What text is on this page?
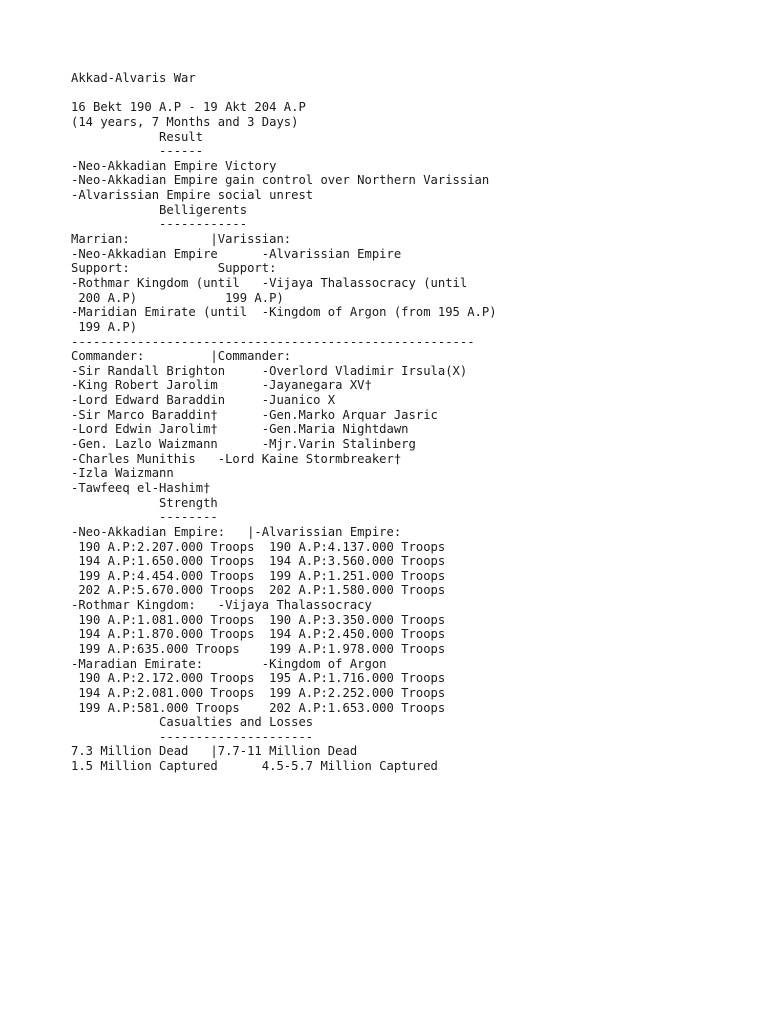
Akkad-Alvaris War
16 Bekt 190 A.P - 19 Akt 204 A.P
(14 years, 7 Months and 3 Days)
Result
------
-Neo-Akkadian Empire Victory
-Neo-Akkadian Empire gain control over Northern Varissian
-Alvarissian Empire social unrest
Belligerents
------------
Marrian:           |Varissian:
-Neo-Akkadian Empire      -Alvarissian Empire
Support:            Support:
-Rothmar Kingdom (until   -Vijaya Thalassocracy (until
200 A.P)            199 A.P)
-Maridian Emirate (until  -Kingdom of Argon (from 195 A.P)
199 A.P)
-------------------------------------------------------
Commander:         |Commander:
-Sir Randall Brighton     -Overlord Vladimir Irsula(X)
-King Robert Jarolim      -Jayanegara XV†
-Lord Edward Baraddin     -Juanico X
-Sir Marco Baraddin†      -Gen.Marko Arquar Jasric
-Lord Edwin Jarolim†      -Gen.Maria Nightdawn
-Gen. Lazlo Waizmann      -Mjr.Varin Stalinberg
-Charles Munithis   -Lord Kaine Stormbreaker†
-Izla Waizmann
-Tawfeeq el-Hashim†
Strength
--------
-Neo-Akkadian Empire:   |-Alvarissian Empire:
190 A.P:2.207.000 Troops  190 A.P:4.137.000 Troops
194 A.P:1.650.000 Troops  194 A.P:3.560.000 Troops
199 A.P:4.454.000 Troops  199 A.P:1.251.000 Troops
202 A.P:5.670.000 Troops  202 A.P:1.580.000 Troops
-Rothmar Kingdom:   -Vijaya Thalassocracy
190 A.P:1.081.000 Troops  190 A.P:3.350.000 Troops
194 A.P:1.870.000 Troops  194 A.P:2.450.000 Troops
199 A.P:635.000 Troops    199 A.P:1.978.000 Troops
-Maradian Emirate:        -Kingdom of Argon
190 A.P:2.172.000 Troops  195 A.P:1.716.000 Troops
194 A.P:2.081.000 Troops  199 A.P:2.252.000 Troops
199 A.P:581.000 Troops    202 A.P:1.653.000 Troops
Casualties and Losses
---------------------
7.3 Million Dead   |7.7-11 Million Dead
1.5 Million Captured      4.5-5.7 Million Captured
